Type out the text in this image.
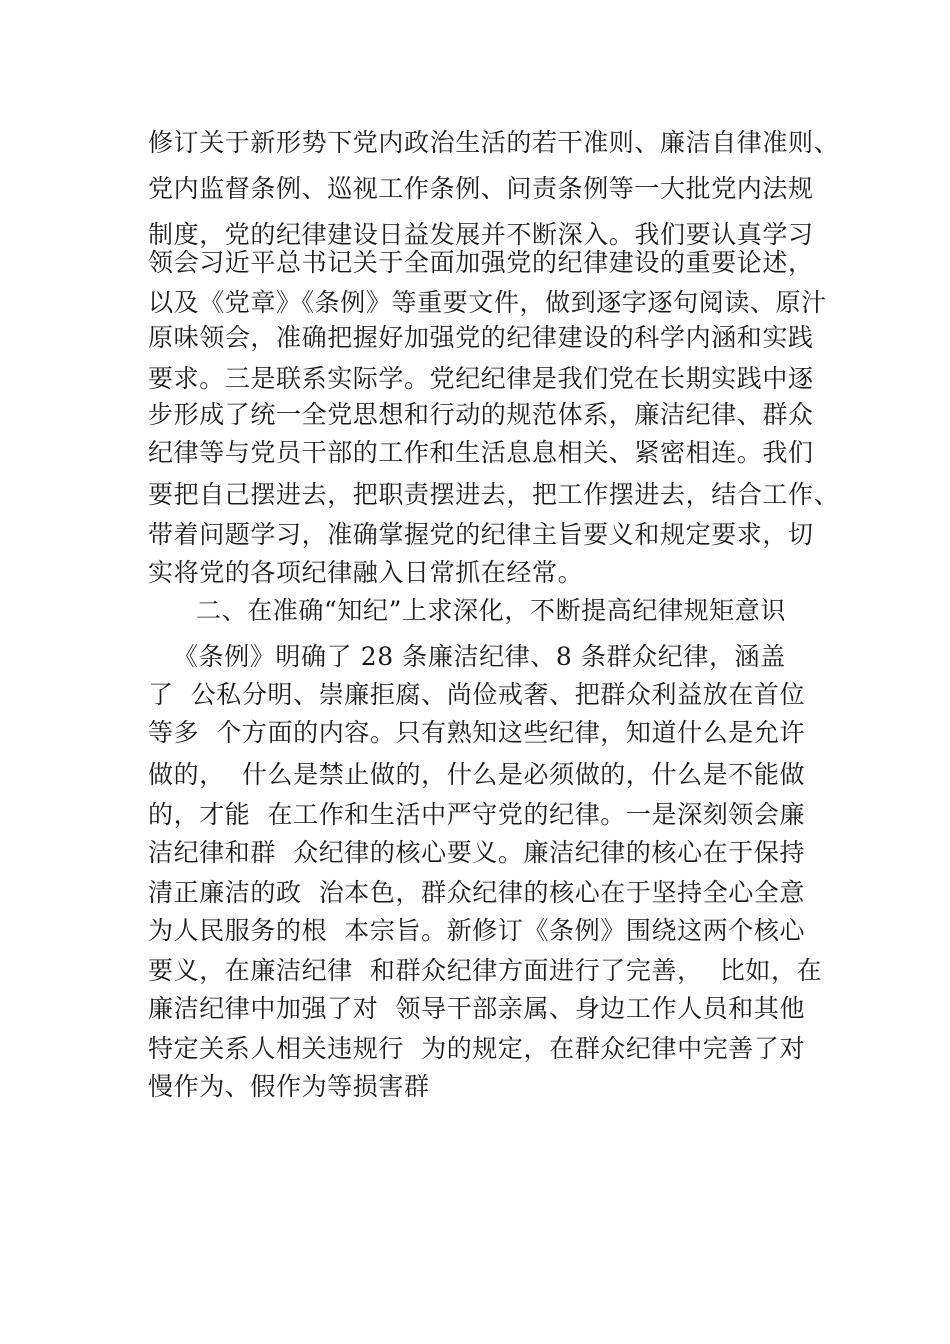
修订关于新形势下党内政治生活的若干准则、廉洁自律准则、
党内监督条例、巡视工作条例、问责条例等一大批党内法规
制度，党的纪律建设日益发展并不断深入。我们要认真学习
领会习近平总书记关于全面加强党的纪律建设的重要论述，
以及《党章》《条例》等重要文件，做到逐字逐句阅读、原汁
原味领会，准确把握好加强党的纪律建设的科学内涵和实践
要求。三是联系实际学。党纪纪律是我们党在长期实践中逐
步形成了统一全党思想和行动的规范体系，廉洁纪律、群众
纪律等与党员干部的工作和生活息息相关、紧密相连。我们
要把自己摆进去，把职责摆进去，把工作摆进去，结合工作、
带着问题学习，准确掌握党的纪律主旨要义和规定要求，切
实将党的各项纪律融入日常抓在经常。
二、在准确“知纪”上求深化，不断提高纪律规矩意识
《条例》明确了 28 条廉洁纪律、8 条群众纪律，涵盖
了  公私分明、崇廉拒腐、尚俭戒奢、把群众利益放在首位
等多  个方面的内容。只有熟知这些纪律，知道什么是允许
做的，  什么是禁止做的，什么是必须做的，什么是不能做
的，才能  在工作和生活中严守党的纪律。一是深刻领会廉
洁纪律和群  众纪律的核心要义。廉洁纪律的核心在于保持
清正廉洁的政  治本色，群众纪律的核心在于坚持全心全意
为人民服务的根  本宗旨。新修订《条例》围绕这两个核心
要义，在廉洁纪律  和群众纪律方面进行了完善，  比如，在
廉洁纪律中加强了对  领导干部亲属、身边工作人员和其他
特定关系人相关违规行  为的规定，在群众纪律中完善了对
慢作为、假作为等损害群
